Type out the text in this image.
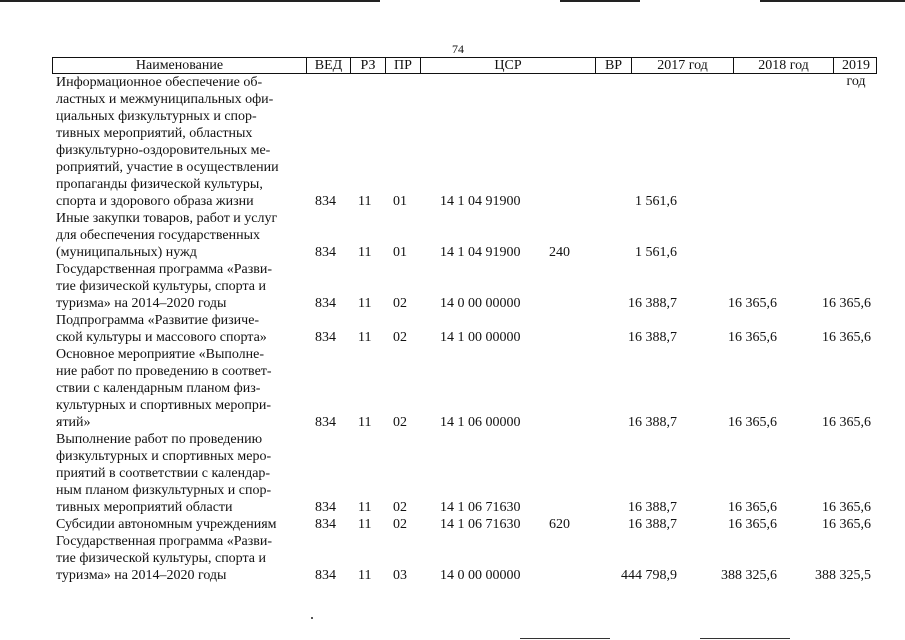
74
Наименование	ВЕД	РЗ	ПР	ЦСР	ВР	2017 год	2018 год	2019 год
Информационное обеспечение об-
ластных и межмуниципальных офи-
циальных физкультурных и спор-
тивных мероприятий, областных
физкультурно-оздоровительных ме-
роприятий, участие в осуществлении
пропаганды физической культуры,
спорта и здорового образа жизни	834 11 01 14 1 04 91900	1 561,6
Иные закупки товаров, работ и услуг
для обеспечения государственных
(муниципальных) нужд	834 11 01 14 1 04 91900 240	1 561,6
Государственная программа «Разви-
тие физической культуры, спорта и
туризма» на 2014–2020 годы	834 11 02 14 0 00 00000	16 388,7	16 365,6	16 365,6
Подпрограмма «Развитие физиче-
ской культуры и массового спорта»	834 11 02 14 1 00 00000	16 388,7	16 365,6	16 365,6
Основное мероприятие «Выполне-
ние работ по проведению в соответ-
ствии с календарным планом физ-
культурных и спортивных меропри-
ятий»	834 11 02 14 1 06 00000	16 388,7	16 365,6	16 365,6
Выполнение работ по проведению
физкультурных и спортивных меро-
приятий в соответствии с календар-
ным планом физкультурных и спор-
тивных мероприятий области	834 11 02 14 1 06 71630	16 388,7	16 365,6	16 365,6
Субсидии автономным учреждениям	834 11 02 14 1 06 71630 620	16 388,7	16 365,6	16 365,6
Государственная программа «Разви-
тие физической культуры, спорта и
туризма» на 2014–2020 годы	834 11 03 14 0 00 00000	444 798,9	388 325,6	388 325,5
